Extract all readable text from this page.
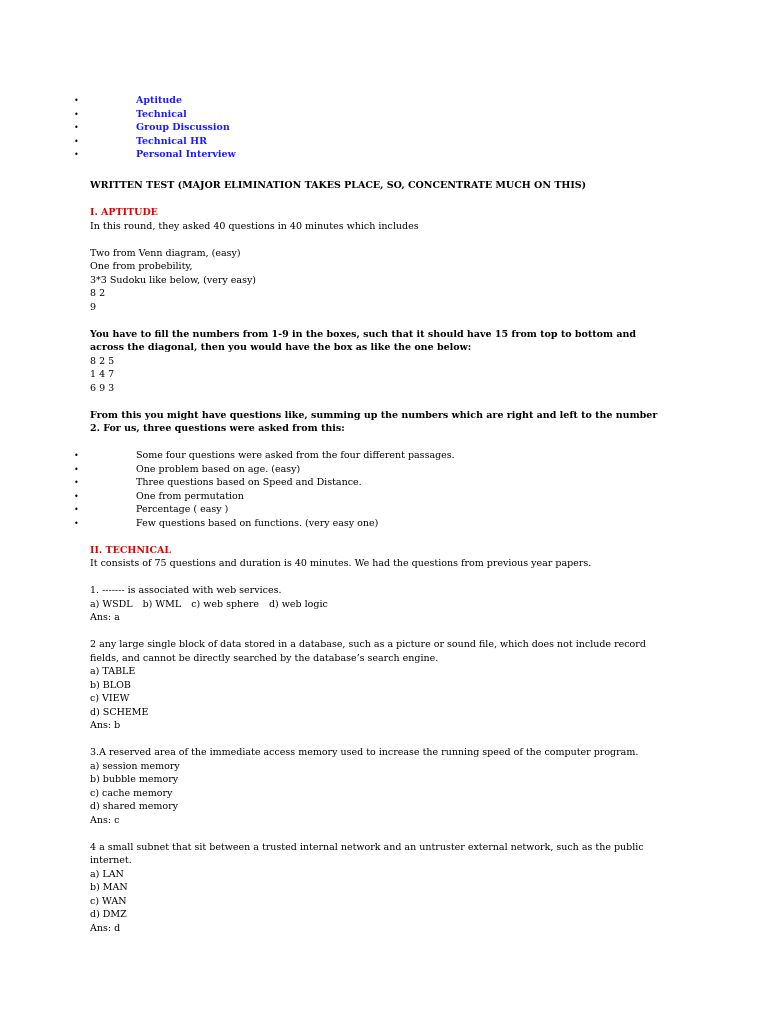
•	Aptitude
•	Technical
•	Group Discussion
•	Technical HR
•	Personal Interview

WRITTEN TEST (MAJOR ELIMINATION TAKES PLACE, SO, CONCENTRATE MUCH ON THIS)

I. APTITUDE

In this round, they asked 40 questions in 40 minutes which includes

Two from Venn diagram, (easy)

One from probebility,

3*3 Sudoku like below, (very easy)

8 2

9

You have to fill the numbers from 1-9 in the boxes, such that it should have 15 from top to bottom and across the diagonal, then you would have the box as like the one below:

8 2 5

1 4 7

6 9 3

From this you might have questions like, summing up the numbers which are right and left to the number 2. For us, three questions were asked from this:

•	Some four questions were asked from the four different passages.
•	One problem based on age. (easy)
•	Three questions based on Speed and Distance.
•	One from permutation
•	Percentage ( easy )
•	Few questions based on functions. (very easy one)

II. TECHNICAL

It consists of 75 questions and duration is 40 minutes. We had the questions from previous year papers.

1. ------- is associated with web services.

a) WSDL b) WML c) web sphere d) web logic

Ans: a

2 any large single block of data stored in a database, such as a picture or sound file, which does not include record fields, and cannot be directly searched by the database’s search engine.

a) TABLE

b) BLOB

c) VIEW

d) SCHEME

Ans: b

3.A reserved area of the immediate access memory used to increase the running speed of the computer program.

a) session memory

b) bubble memory

c) cache memory

d) shared memory

Ans: c

4 a small subnet that sit between a trusted internal network and an untruster external network, such as the public internet.

a) LAN

b) MAN

c) WAN

d) DMZ

Ans: d
